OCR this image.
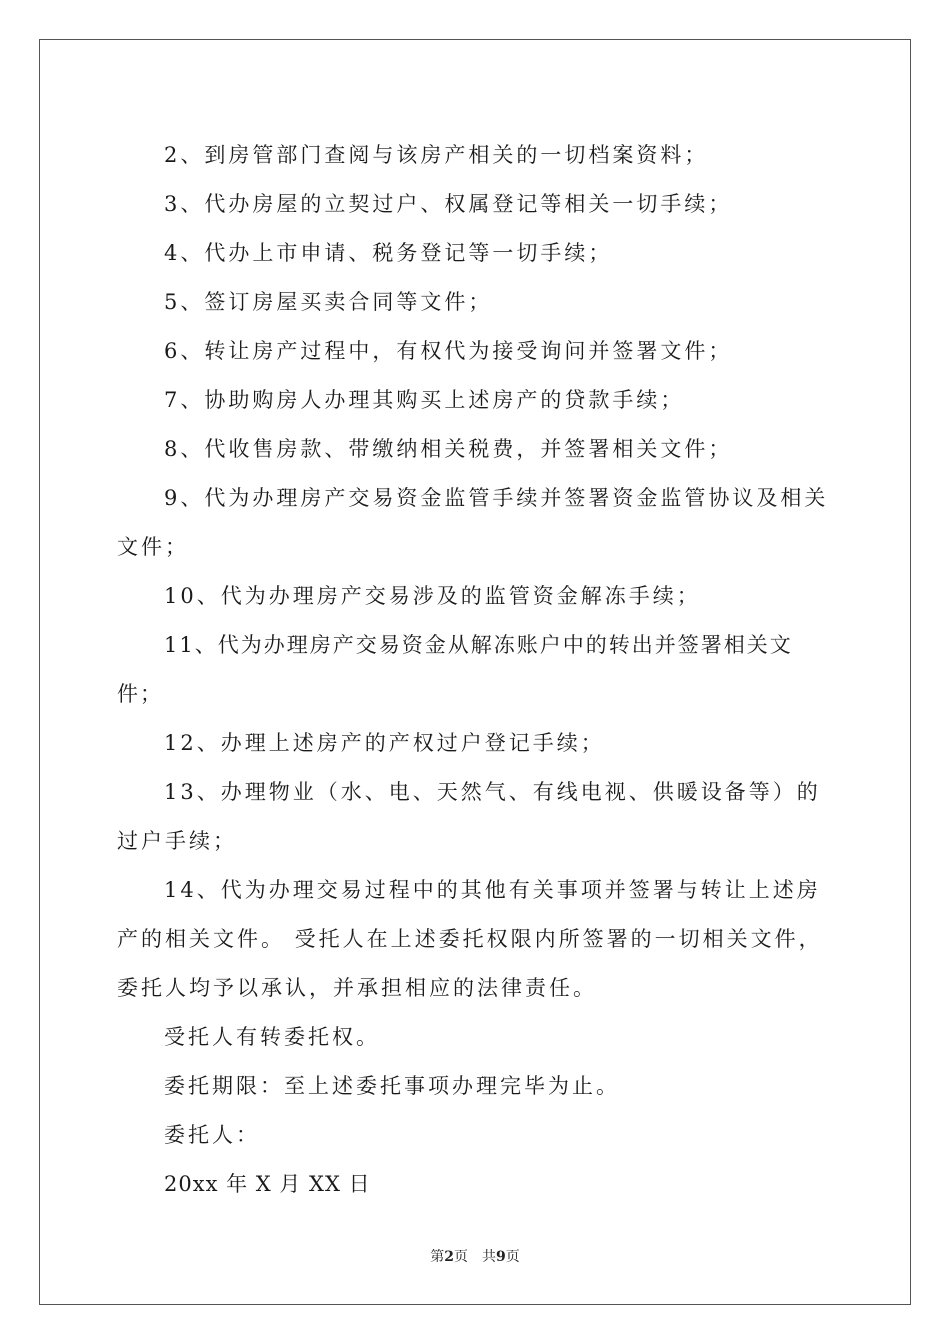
2、到房管部门查阅与该房产相关的一切档案资料；

3、代办房屋的立契过户、权属登记等相关一切手续；

4、代办上市申请、税务登记等一切手续；

5、签订房屋买卖合同等文件；

6、转让房产过程中，有权代为接受询问并签署文件；

7、协助购房人办理其购买上述房产的贷款手续；

8、代收售房款、带缴纳相关税费，并签署相关文件；

9、代为办理房产交易资金监管手续并签署资金监管协议及相关文件；

10、代为办理房产交易涉及的监管资金解冻手续；

11、代为办理房产交易资金从解冻账户中的转出并签署相关文件；

12、办理上述房产的产权过户登记手续；

13、办理物业（水、电、天然气、有线电视、供暖设备等）的过户手续；

14、代为办理交易过程中的其他有关事项并签署与转让上述房产的相关文件。 受托人在上述委托权限内所签署的一切相关文件，委托人均予以承认，并承担相应的法律责任。

受托人有转委托权。

委托期限：至上述委托事项办理完毕为止。

委托人：

20xx 年 X 月 XX 日

第2页 共9页
